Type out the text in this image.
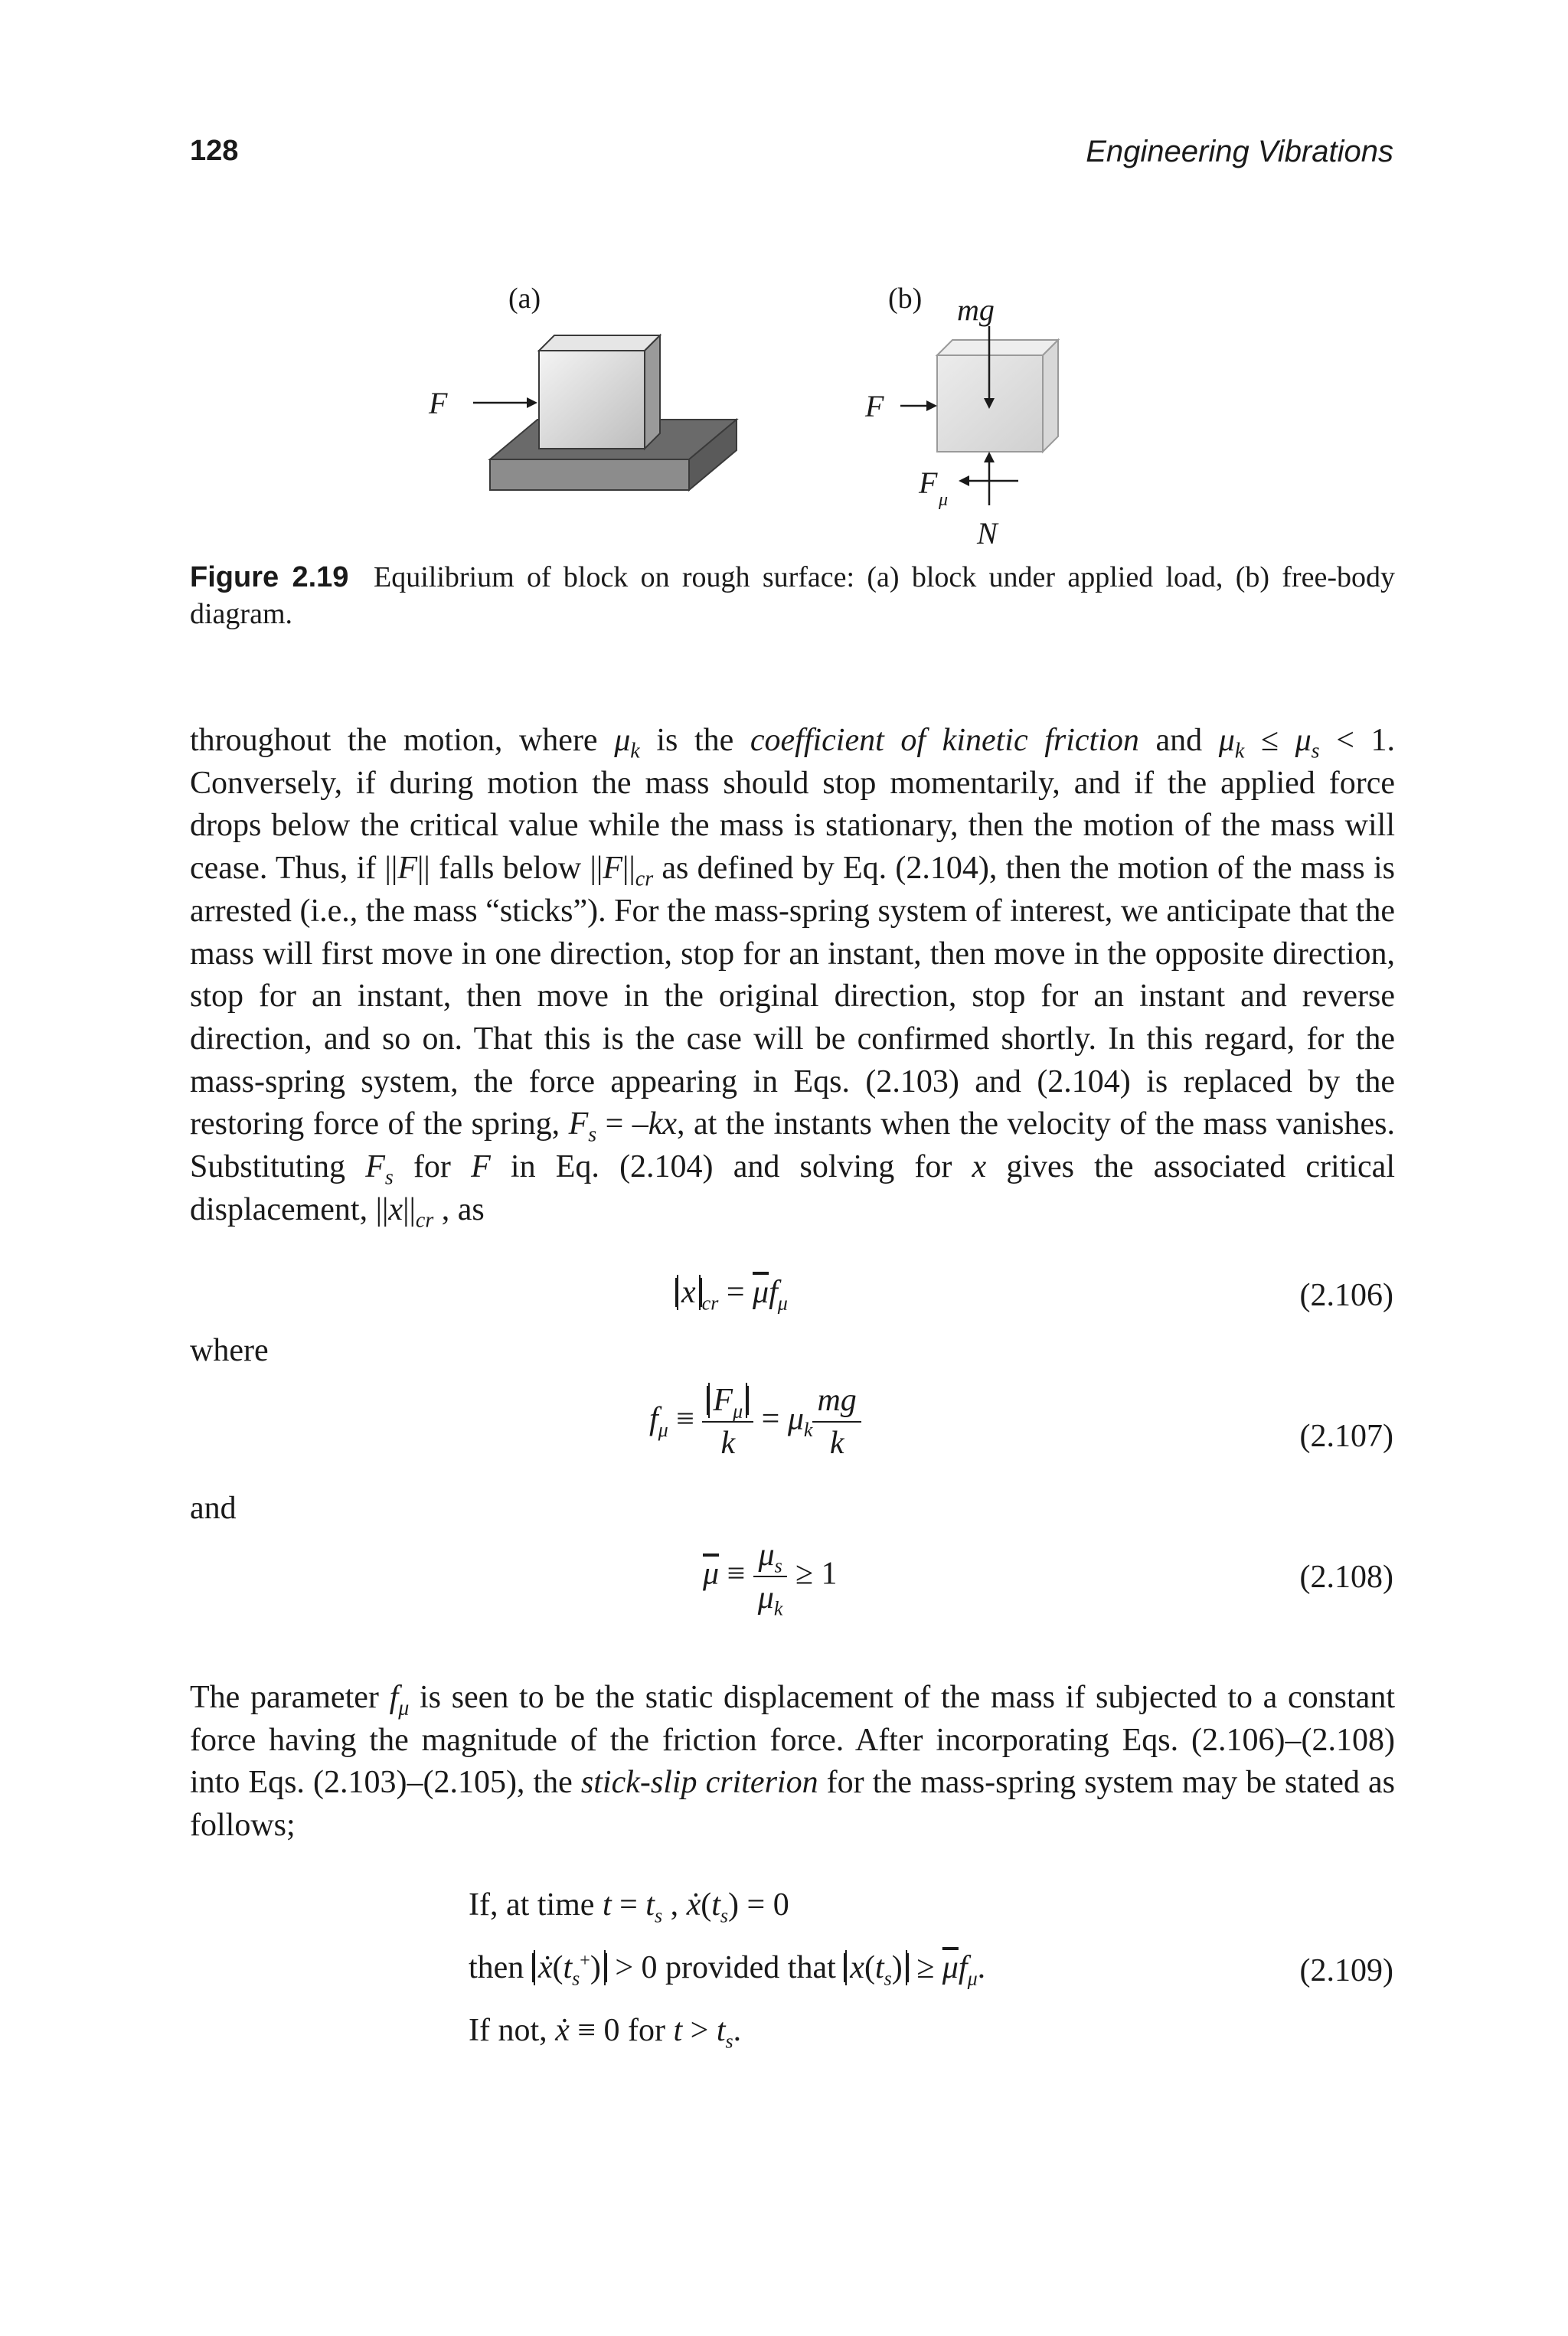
128	Engineering Vibrations
(a)
F
(b) mg
F
F μ
N
Figure 2.19 Equilibrium of block on rough surface: (a) block under applied load, (b) free-body diagram.
throughout the motion, where $\mu_k$ is the coefficient of kinetic friction and $\mu_k \le \mu_s < 1$. Conversely, if during motion the mass should stop momentarily, and if the applied force drops below the critical value while the mass is stationary, then the motion of the mass will cease. Thus, if ||F|| falls below $||F||_{cr}$ as defined by Eq. (2.104), then the motion of the mass is arrested (i.e., the mass “sticks”). For the mass-spring system of interest, we anticipate that the mass will first move in one direction, stop for an instant, then move in the opposite direction, stop for an instant, then move in the original direction, stop for an instant and reverse direction, and so on. That this is the case will be confirmed shortly. In this regard, for the mass-spring system, the force appearing in Eqs. (2.103) and (2.104) is replaced by the restoring force of the spring, $F_s = -kx$, at the instants when the velocity of the mass vanishes. Substituting $F_s$ for F in Eq. (2.104) and solving for x gives the associated critical displacement, $||x||_{cr}$ , as
x $_{cr} = \overline{\mu}f_\mu$	(2.106)
where
$f_\mu \equiv \frac{F_\mu}{k} = \mu_k \frac{mg}{k}$	(2.107)
and
$\overline{\mu} \equiv \frac{\mu_s}{\mu_k} \ge 1$	(2.108)
The parameter $f_\mu$ is seen to be the static displacement of the mass if subjected to a constant force having the magnitude of the friction force. After incorporating Eqs. (2.106)–(2.108) into Eqs. (2.103)–(2.105), the stick-slip criterion for the mass-spring system may be stated as follows;
If, at time $t = t_s$ , $ẋ(t_s) = 0$
then $ẋ(t_s^+) > 0$ provided that $x(t_s) \ge \overline{\mu}f_\mu$.	(2.109)
If not, ẋ ≡ 0 for $t > t_s$.
